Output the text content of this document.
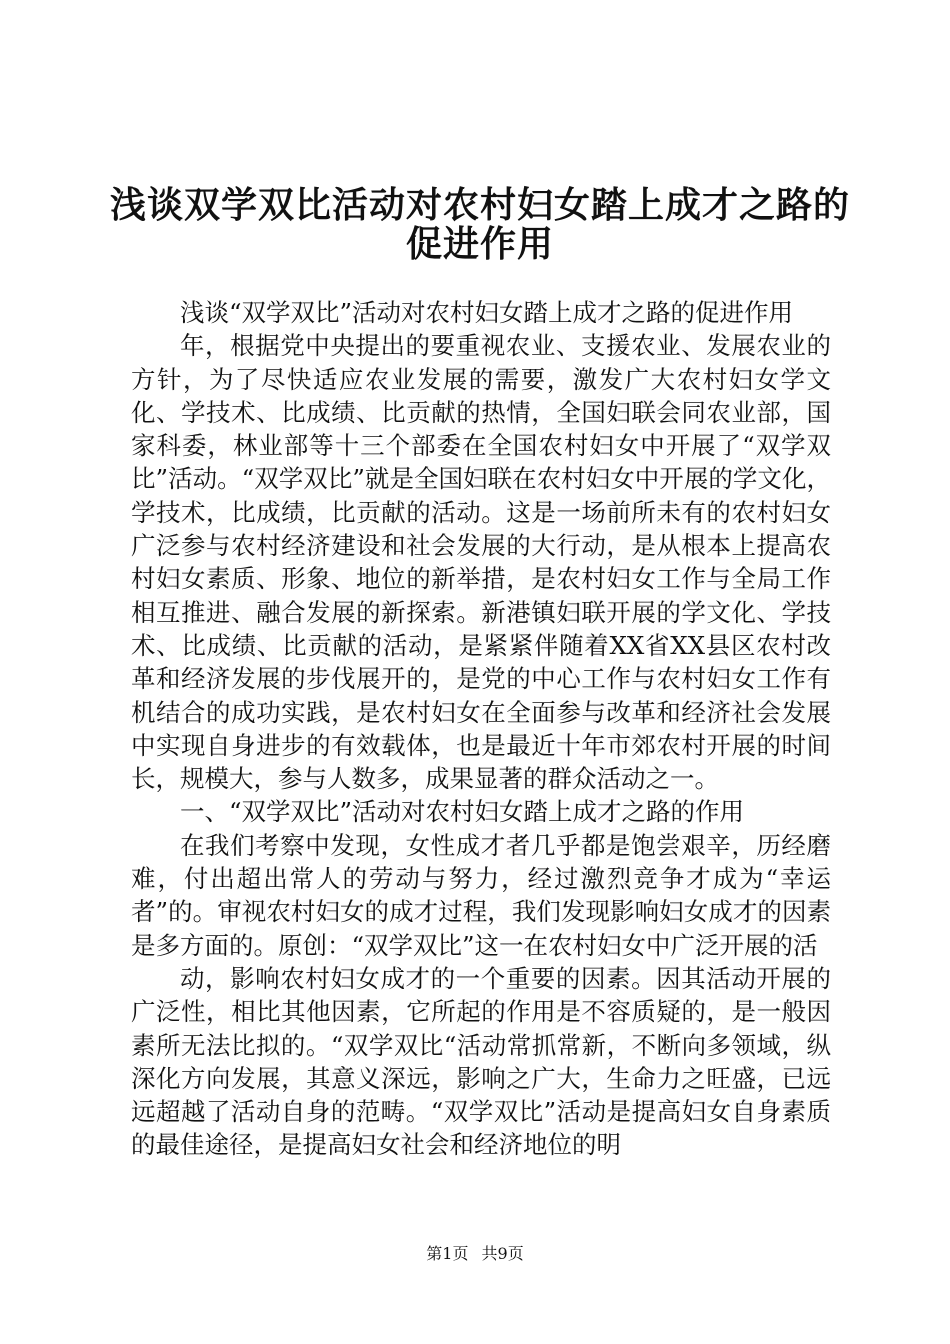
浅谈双学双比活动对农村妇女踏上成才之路的
促进作用

浅谈“双学双比”活动对农村妇女踏上成才之路的促进作用

年，根据党中央提出的要重视农业、支援农业、发展农业的方针，为了尽快适应农业发展的需要，激发广大农村妇女学文化、学技术、比成绩、比贡献的热情，全国妇联会同农业部，国家科委，林业部等十三个部委在全国农村妇女中开展了“双学双比”活动。“双学双比”就是全国妇联在农村妇女中开展的学文化，学技术，比成绩，比贡献的活动。这是一场前所未有的农村妇女广泛参与农村经济建设和社会发展的大行动，是从根本上提高农村妇女素质、形象、地位的新举措，是农村妇女工作与全局工作相互推进、融合发展的新探索。新港镇妇联开展的学文化、学技术、比成绩、比贡献的活动，是紧紧伴随着XX省XX县区农村改革和经济发展的步伐展开的，是党的中心工作与农村妇女工作有机结合的成功实践，是农村妇女在全面参与改革和经济社会发展中实现自身进步的有效载体，也是最近十年市郊农村开展的时间长，规模大，参与人数多，成果显著的群众活动之一。

一、“双学双比”活动对农村妇女踏上成才之路的作用

在我们考察中发现，女性成才者几乎都是饱尝艰辛，历经磨难，付出超出常人的劳动与努力，经过激烈竞争才成为“幸运者”的。审视农村妇女的成才过程，我们发现影响妇女成才的因素是多方面的。原创：“双学双比”这一在农村妇女中广泛开展的活

动，影响农村妇女成才的一个重要的因素。因其活动开展的广泛性，相比其他因素，它所起的作用是不容质疑的，是一般因素所无法比拟的。“双学双比“活动常抓常新，不断向多领域，纵深化方向发展，其意义深远，影响之广大，生命力之旺盛，已远远超越了活动自身的范畴。“双学双比”活动是提高妇女自身素质的最佳途径，是提高妇女社会和经济地位的明

第1页 共9页
